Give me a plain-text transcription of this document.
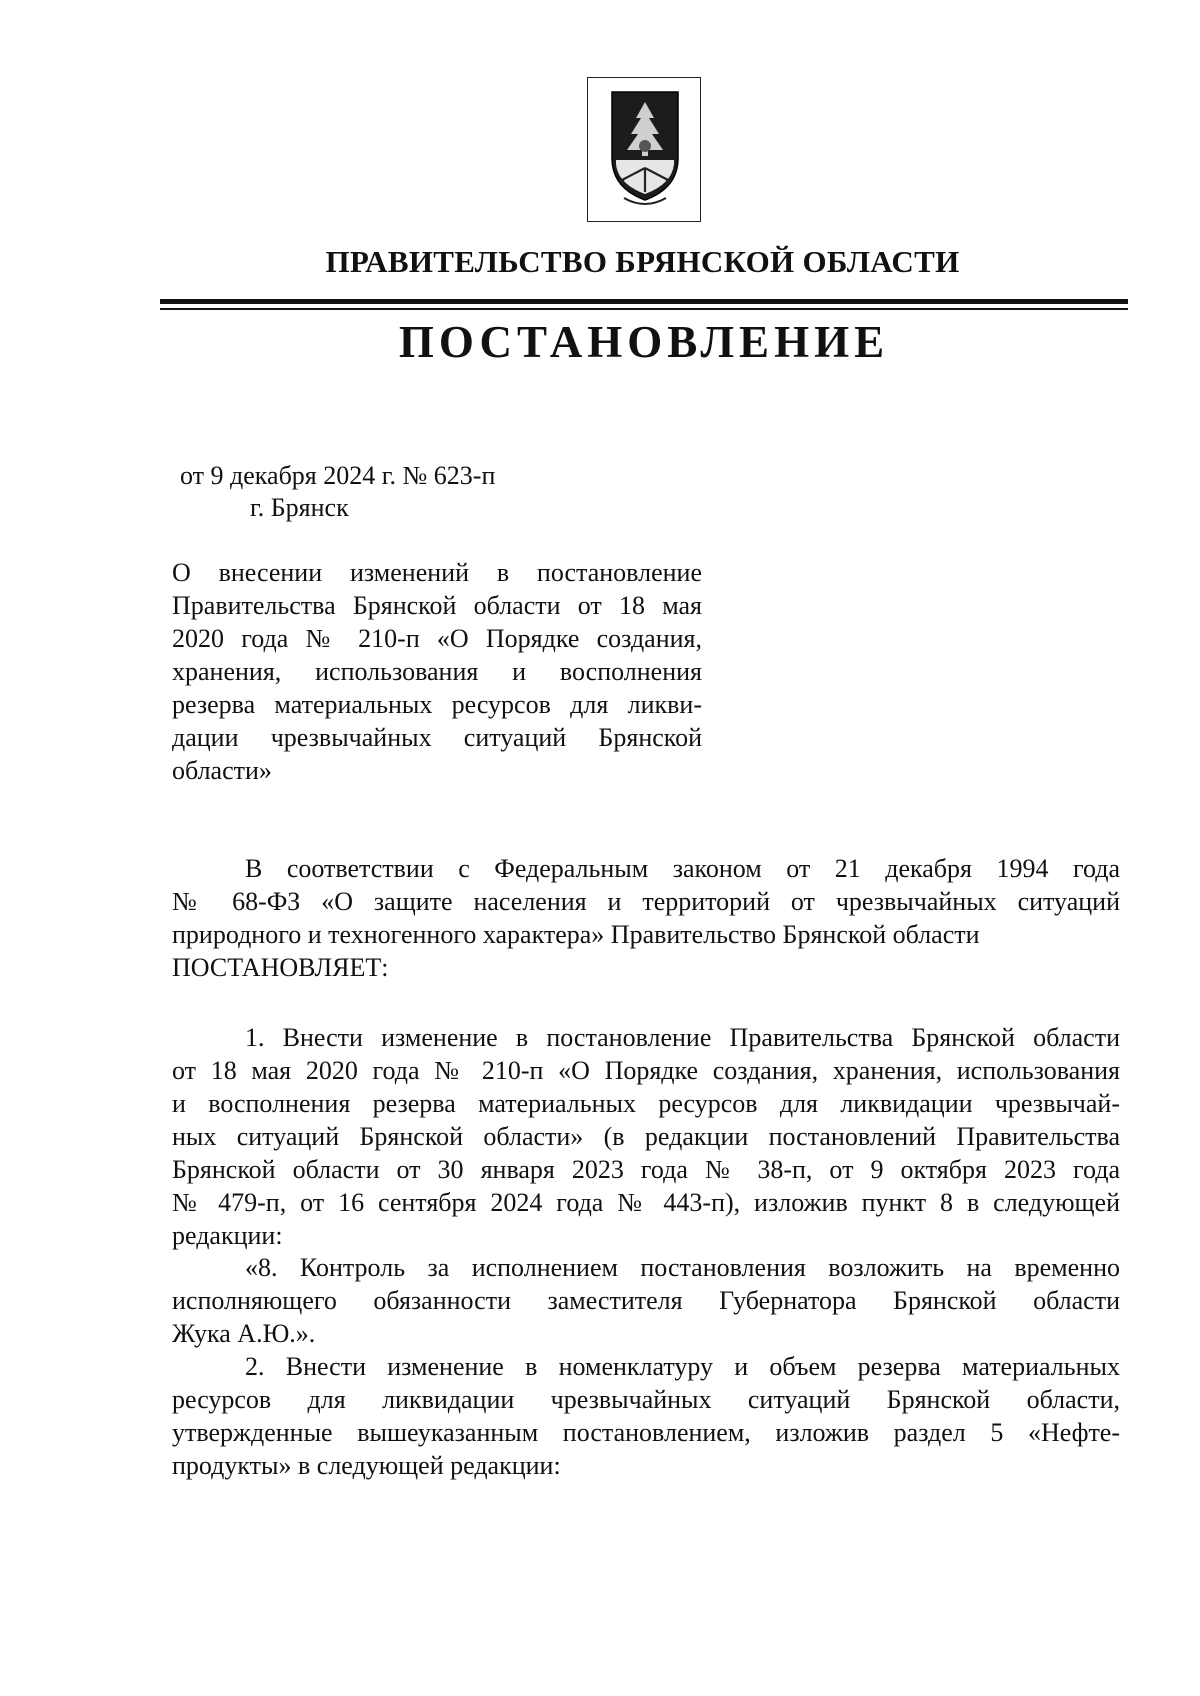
ПРАВИТЕЛЬСТВО БРЯНСКОЙ ОБЛАСТИ
ПОСТАНОВЛЕНИЕ
от 9 декабря 2024 г. № 623-п
г. Брянск
О внесении изменений в постановление
Правительства Брянской области от 18 мая
2020 года № 210-п «О Порядке создания,
хранения, использования и восполнения
резерва материальных ресурсов для ликви-
дации чрезвычайных ситуаций Брянской
области»
В соответствии с Федеральным законом от 21 декабря 1994 года
№ 68-ФЗ «О защите населения и территорий от чрезвычайных ситуаций
природного и техногенного характера» Правительство Брянской области
ПОСТАНОВЛЯЕТ:
1. Внести изменение в постановление Правительства Брянской области
от 18 мая 2020 года № 210-п «О Порядке создания, хранения, использования
и восполнения резерва материальных ресурсов для ликвидации чрезвычай-
ных ситуаций Брянской области» (в редакции постановлений Правительства
Брянской области от 30 января 2023 года № 38-п, от 9 октября 2023 года
№ 479-п, от 16 сентября 2024 года № 443-п), изложив пункт 8 в следующей
редакции:
«8. Контроль за исполнением постановления возложить на временно
исполняющего обязанности заместителя Губернатора Брянской области
Жука А.Ю.».
2. Внести изменение в номенклатуру и объем резерва материальных
ресурсов для ликвидации чрезвычайных ситуаций Брянской области,
утвержденные вышеуказанным постановлением, изложив раздел 5 «Нефте-
продукты» в следующей редакции:
